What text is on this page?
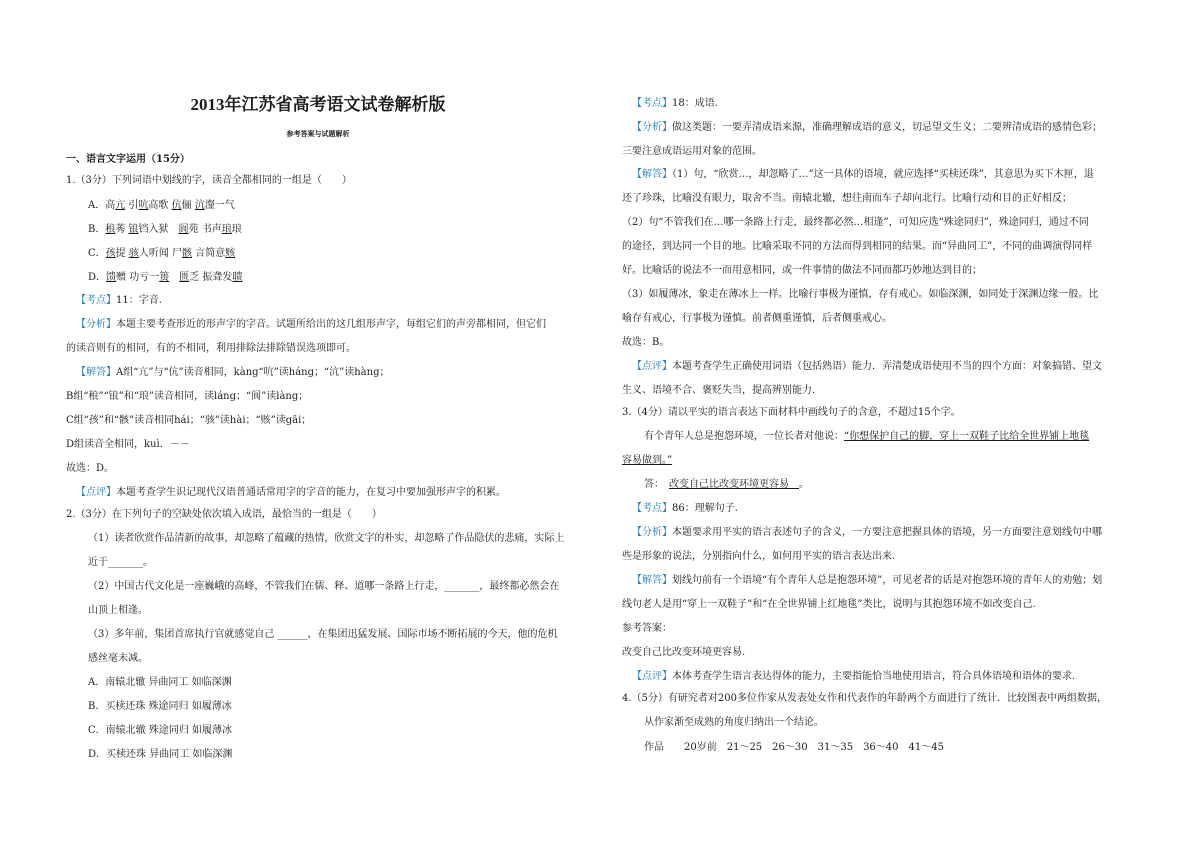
2013年江苏省高考语文试卷解析版
参考答案与试题解析
一、语言文字运用（15分）
1.（3分）下列词语中划线的字，读音全都相同的一组是（　　）
A．高亢 引吭高歌 伉俪 沆瀣一气
B．稂莠 锒铛入狱　阆苑 书声琅琅
C．孩提 骇人听闻 尸骸 言简意赅
D．馈赠 功亏一篑　 匮乏 振聋发聩
【考点】11：字音.
【分析】本题主要考查形近的形声字的字音。试题所给出的这几组形声字，每组它们的声旁都相同，但它们
的读音则有的相同，有的不相同，利用排除法排除错误选项即可。
【解答】A组“亢”与“伉”读音相同，kàng“吭”读háng；“沆”读hàng；
B组“稂”“锒”和“琅”读音相同，读láng；“阆”读làng；
C组“孩”和“骸”读音相同hái；“骇”读hài；“赅”读gāi；
D组读音全相同，kuì．－－
故选：D。
【点评】本题考查学生识记现代汉语普通话常用字的字音的能力，在复习中要加强形声字的积累。
2.（3分）在下列句子的空缺处依次填入成语，最恰当的一组是（　　）
（1）读者欣赏作品清新的故事，却忽略了蕴藏的热情，欣赏文字的朴实，却忽略了作品隐伏的悲痛，实际上
近于_______。
（2）中国古代文化是一座巍峨的高峰，不管我们在儒、释、道哪一条路上行走，_______，最终都必然会在
山顶上相逢。
（3）多年前，集团首席执行官就感觉自己 ______，在集团迅猛发展、国际市场不断拓展的今天，他的危机
感丝毫未减。
A．南辕北辙 异曲同工 如临深渊
B．买椟还珠 殊途同归 如履薄冰
C．南辕北辙 殊途同归 如履薄冰
D．买椟还珠 异曲同工 如临深渊
【考点】18：成语.
【分析】做这类题：一要弄清成语来源，准确理解成语的意义，切忌望文生义；二要辨清成语的感情色彩；
三要注意成语运用对象的范围。
【解答】（1）句，“欣赏…，却忽略了…”这一具体的语境，就应选择“买椟还珠”，其意思为买下木匣，退
还了珍珠，比喻没有眼力，取舍不当。南辕北辙，想往南而车子却向北行。比喻行动和目的正好相反；
（2）句“不管我们在…哪一条路上行走，最终都必然…相逢”，可知应选“殊途同归”，殊途同归，通过不同
的途径，到达同一个目的地。比喻采取不同的方法而得到相同的结果。而“异曲同工”，不同的曲调演得同样
好。比喻话的说法不一而用意相同，或一件事情的做法不同而都巧妙地达到目的；
（3）如履薄冰，象走在薄冰上一样。比喻行事极为谨慎，存有戒心。如临深渊，如同处于深渊边缘一般。比
喻存有戒心，行事极为谨慎。前者侧重谨慎，后者侧重戒心。
故选：B。
【点评】本题考查学生正确使用词语（包括熟语）能力．弄清楚成语使用不当的四个方面：对象搞错、望文
生义、语境不合、褒贬失当，提高辨别能力.
3.（4分）请以平实的语言表达下面材料中画线句子的含意，不超过15个字。
有个青年人总是抱怨环境，一位长者对他说：“你想保护自己的脚，穿上一双鞋子比给全世界铺上地毯
容易做到。”
答：　改变自己比改变环境更容易　。
【考点】86：理解句子.
【分析】本题要求用平实的语言表述句子的含义，一方要注意把握具体的语境，另一方面要注意划线句中哪
些是形象的说法，分别指向什么，如何用平实的语言表达出来.
【解答】划线句前有一个语境“有个青年人总是抱怨环境”，可见老者的话是对抱怨环境的青年人的劝勉；划
线句老人是用“穿上一双鞋子”和“在全世界铺上红地毯”类比，说明与其抱怨环境不如改变自己.
参考答案：
改变自己比改变环境更容易.
【点评】本体考查学生语言表达得体的能力，主要指能恰当地使用语言，符合具体语境和语体的要求.
4.（5分）有研究者对200多位作家从发表处女作和代表作的年龄两个方面进行了统计．比较图表中两组数据，
从作家渐至成熟的角度归纳出一个结论。
作品　　20岁前　21～25　26～30　31～35　36～40　41～45
